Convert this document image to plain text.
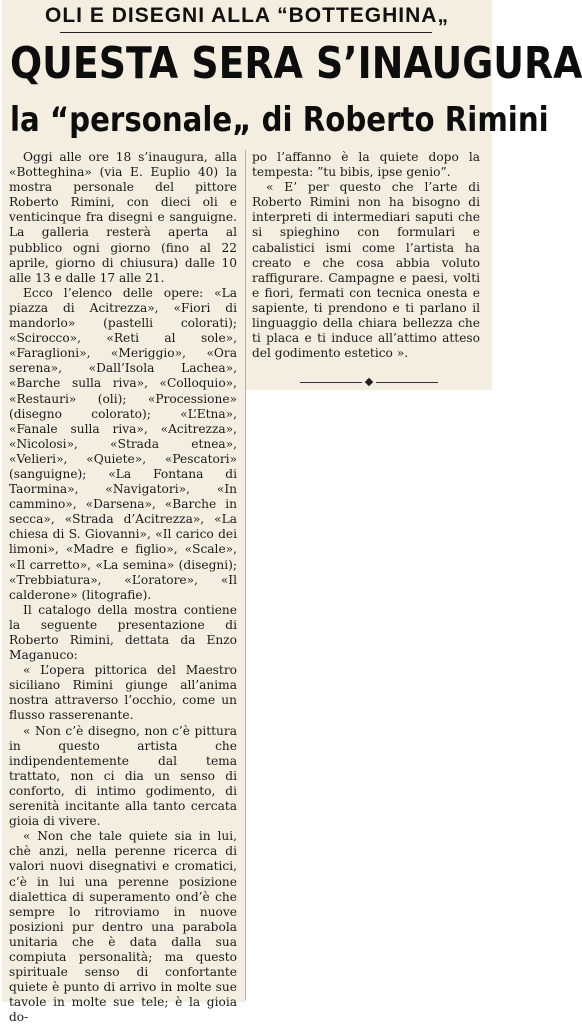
OLI E DISEGNI ALLA “BOTTEGHINA„
QUESTA SERA S’INAUGURA
la “personale„ di Roberto Rimini

Oggi alle ore 18 s’inaugura, alla «Botteghina» (via E. Euplio 40) la mostra personale del pittore Roberto Rimini, con dieci oli e venticinque fra disegni e sanguigne. La galleria resterà aperta al pubblico ogni giorno (fino al 22 aprile, giorno di chiusura) dalle 10 alle 13 e dalle 17 alle 21.

Ecco l’elenco delle opere: «La piazza di Acitrezza», «Fiori di mandorlo» (pastelli colorati); «Scirocco», «Reti al sole», «Faraglioni», «Meriggio», «Ora serena», «Dall’Isola Lachea», «Barche sulla riva», «Colloquio», «Restauri» (oli); «Processione» (disegno colorato); «L’Etna», «Fanale sulla riva», «Acitrezza», «Nicolosi», «Strada etnea», «Velieri», «Quiete», «Pescatori» (sanguigne); «La Fontana di Taormina», «Navigatori», «In cammino», «Darsena», «Barche in secca», «Strada d’Acitrezza», «La chiesa di S. Giovanni», «Il carico dei limoni», «Madre e figlio», «Scale», «Il carretto», «La semina» (disegni); «Trebbiatura», «L’oratore», «Il calderone» (litografie).

Il catalogo della mostra contiene la seguente presentazione di Roberto Rimini, dettata da Enzo Maganuco:

« L’opera pittorica del Maestro siciliano Rimini giunge all’anima nostra attraverso l’occhio, come un flusso rasserenante.

« Non c’è disegno, non c’è pittura in questo artista che indipendentemente dal tema trattato, non ci dia un senso di conforto, di intimo godimento, di serenità incitante alla tanto cercata gioia di vivere.

« Non che tale quiete sia in lui, chè anzi, nella perenne ricerca di valori nuovi disegnativi e cromatici, c’è in lui una perenne posizione dialettica di superamento ond’è che sempre lo ritroviamo in nuove posizioni pur dentro una parabola unitaria che è data dalla sua compiuta personalità; ma questo spirituale senso di confortante quiete è punto di arrivo in molte sue tavole in molte sue tele; è la gioia do-

po l’affanno è la quiete dopo la tempesta: ”tu bibis, ipse genio”.

« E’ per questo che l’arte di Roberto Rimini non ha bisogno di interpreti di intermediari saputi che si spieghino con formulari e cabalistici ismi come l’artista ha creato e che cosa abbia voluto raffigurare. Campagne e paesi, volti e fiori, fermati con tecnica onesta e sapiente, ti prendono e ti parlano il linguaggio della chiara bellezza che ti placa e ti induce all’attimo atteso del godimento estetico ».
